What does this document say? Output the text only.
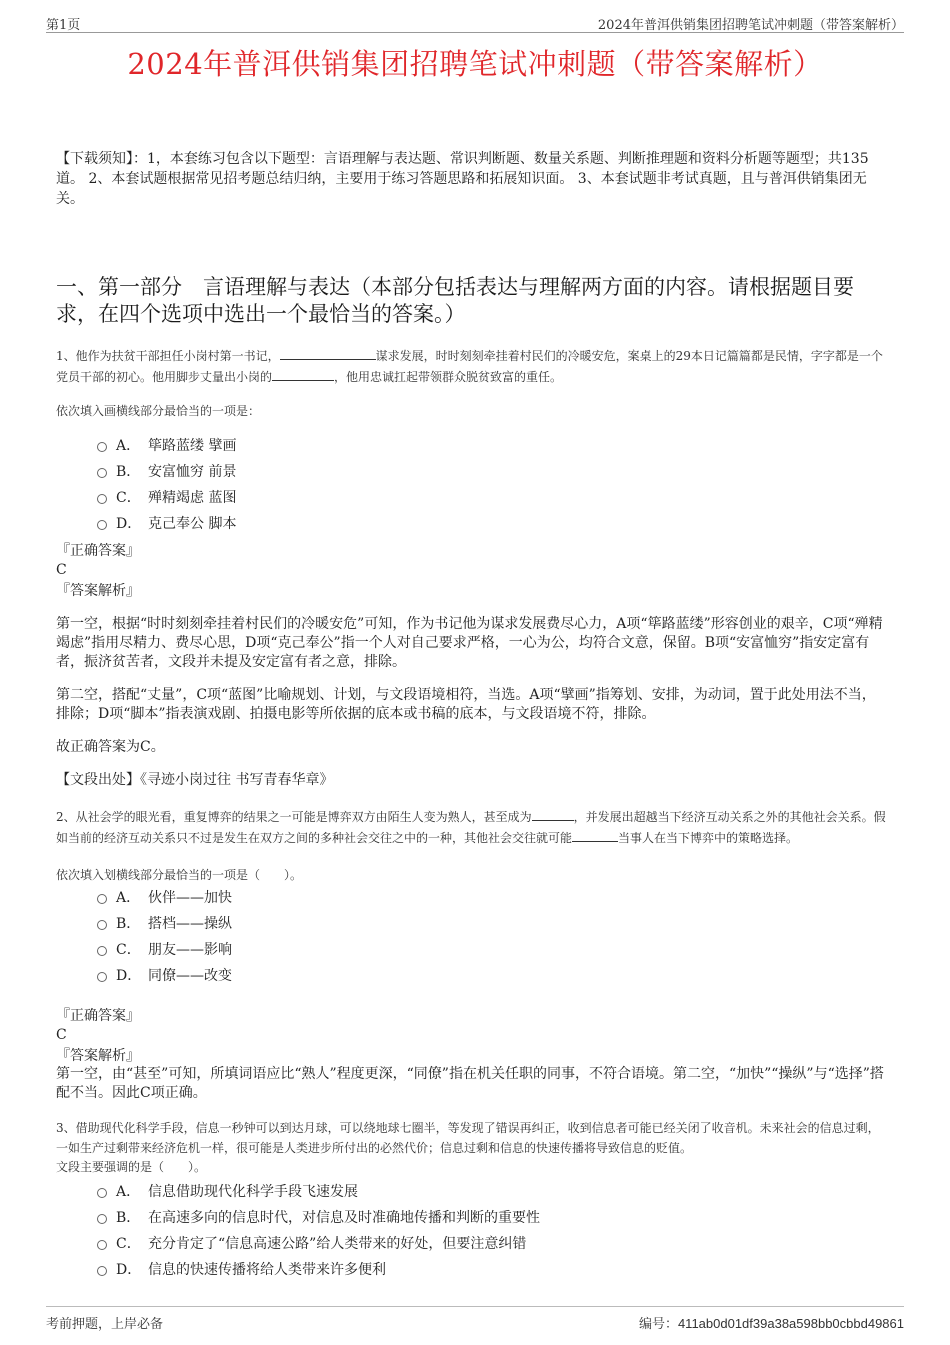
第1页	2024年普洱供销集团招聘笔试冲刺题（带答案解析）
2024年普洱供销集团招聘笔试冲刺题（带答案解析）
【下载须知】：1，本套练习包含以下题型：言语理解与表达题、常识判断题、数量关系题、判断推理题和资料分析题等题型；共135道。 2、本套试题根据常见招考题总结归纳，主要用于练习答题思路和拓展知识面。 3、本套试题非考试真题，且与普洱供销集团无关。
一、第一部分　言语理解与表达（本部分包括表达与理解两方面的内容。请根据题目要求，在四个选项中选出一个最恰当的答案。）
1、他作为扶贫干部担任小岗村第一书记，	谋求发展，时时刻刻牵挂着村民们的冷暖安危，案桌上的29本日记篇篇都是民情，字字都是一个党员干部的初心。他用脚步丈量出小岗的	，他用忠诚扛起带领群众脱贫致富的重任。
依次填入画横线部分最恰当的一项是：
A． 筚路蓝缕 擘画
B． 安富恤穷 前景
C． 殚精竭虑 蓝图
D． 克己奉公 脚本
『正确答案』
C
『答案解析』
第一空，根据“时时刻刻牵挂着村民们的冷暖安危”可知，作为书记他为谋求发展费尽心力，A项“筚路蓝缕”形容创业的艰辛，C项“殚精竭虑”指用尽精力、费尽心思，D项“克己奉公”指一个人对自己要求严格，一心为公，均符合文意，保留。B项“安富恤穷”指安定富有者，振济贫苦者，文段并未提及安定富有者之意，排除。
第二空，搭配“丈量”，C项“蓝图”比喻规划、计划，与文段语境相符，当选。A项“擘画”指筹划、安排，为动词，置于此处用法不当，排除；D项“脚本”指表演戏剧、拍摄电影等所依据的底本或书稿的底本，与文段语境不符，排除。
故正确答案为C。
【文段出处】《寻迹小岗过往 书写青春华章》
2、从社会学的眼光看，重复博弈的结果之一可能是博弈双方由陌生人变为熟人，甚至成为	，并发展出超越当下经济互动关系之外的其他社会关系。假如当前的经济互动关系只不过是发生在双方之间的多种社会交往之中的一种，其他社会交往就可能	当事人在当下博弈中的策略选择。
依次填入划横线部分最恰当的一项是（　　）。
A． 伙伴——加快
B． 搭档——操纵
C． 朋友——影响
D． 同僚——改变
『正确答案』
C
『答案解析』
第一空，由“甚至”可知，所填词语应比“熟人”程度更深，“同僚”指在机关任职的同事，不符合语境。第二空，“加快”“操纵”与“选择”搭配不当。因此C项正确。
3、借助现代化科学手段，信息一秒钟可以到达月球，可以绕地球七圈半，等发现了错误再纠正，收到信息者可能已经关闭了收音机。未来社会的信息过剩，一如生产过剩带来经济危机一样，很可能是人类进步所付出的必然代价；信息过剩和信息的快速传播将导致信息的贬值。
文段主要强调的是（　　）。
A． 信息借助现代化科学手段飞速发展
B． 在高速多向的信息时代，对信息及时准确地传播和判断的重要性
C． 充分肯定了“信息高速公路”给人类带来的好处，但要注意纠错
D． 信息的快速传播将给人类带来许多便利
考前押题，上岸必备	编号：411ab0d01df39a38a598bb0cbbd49861
